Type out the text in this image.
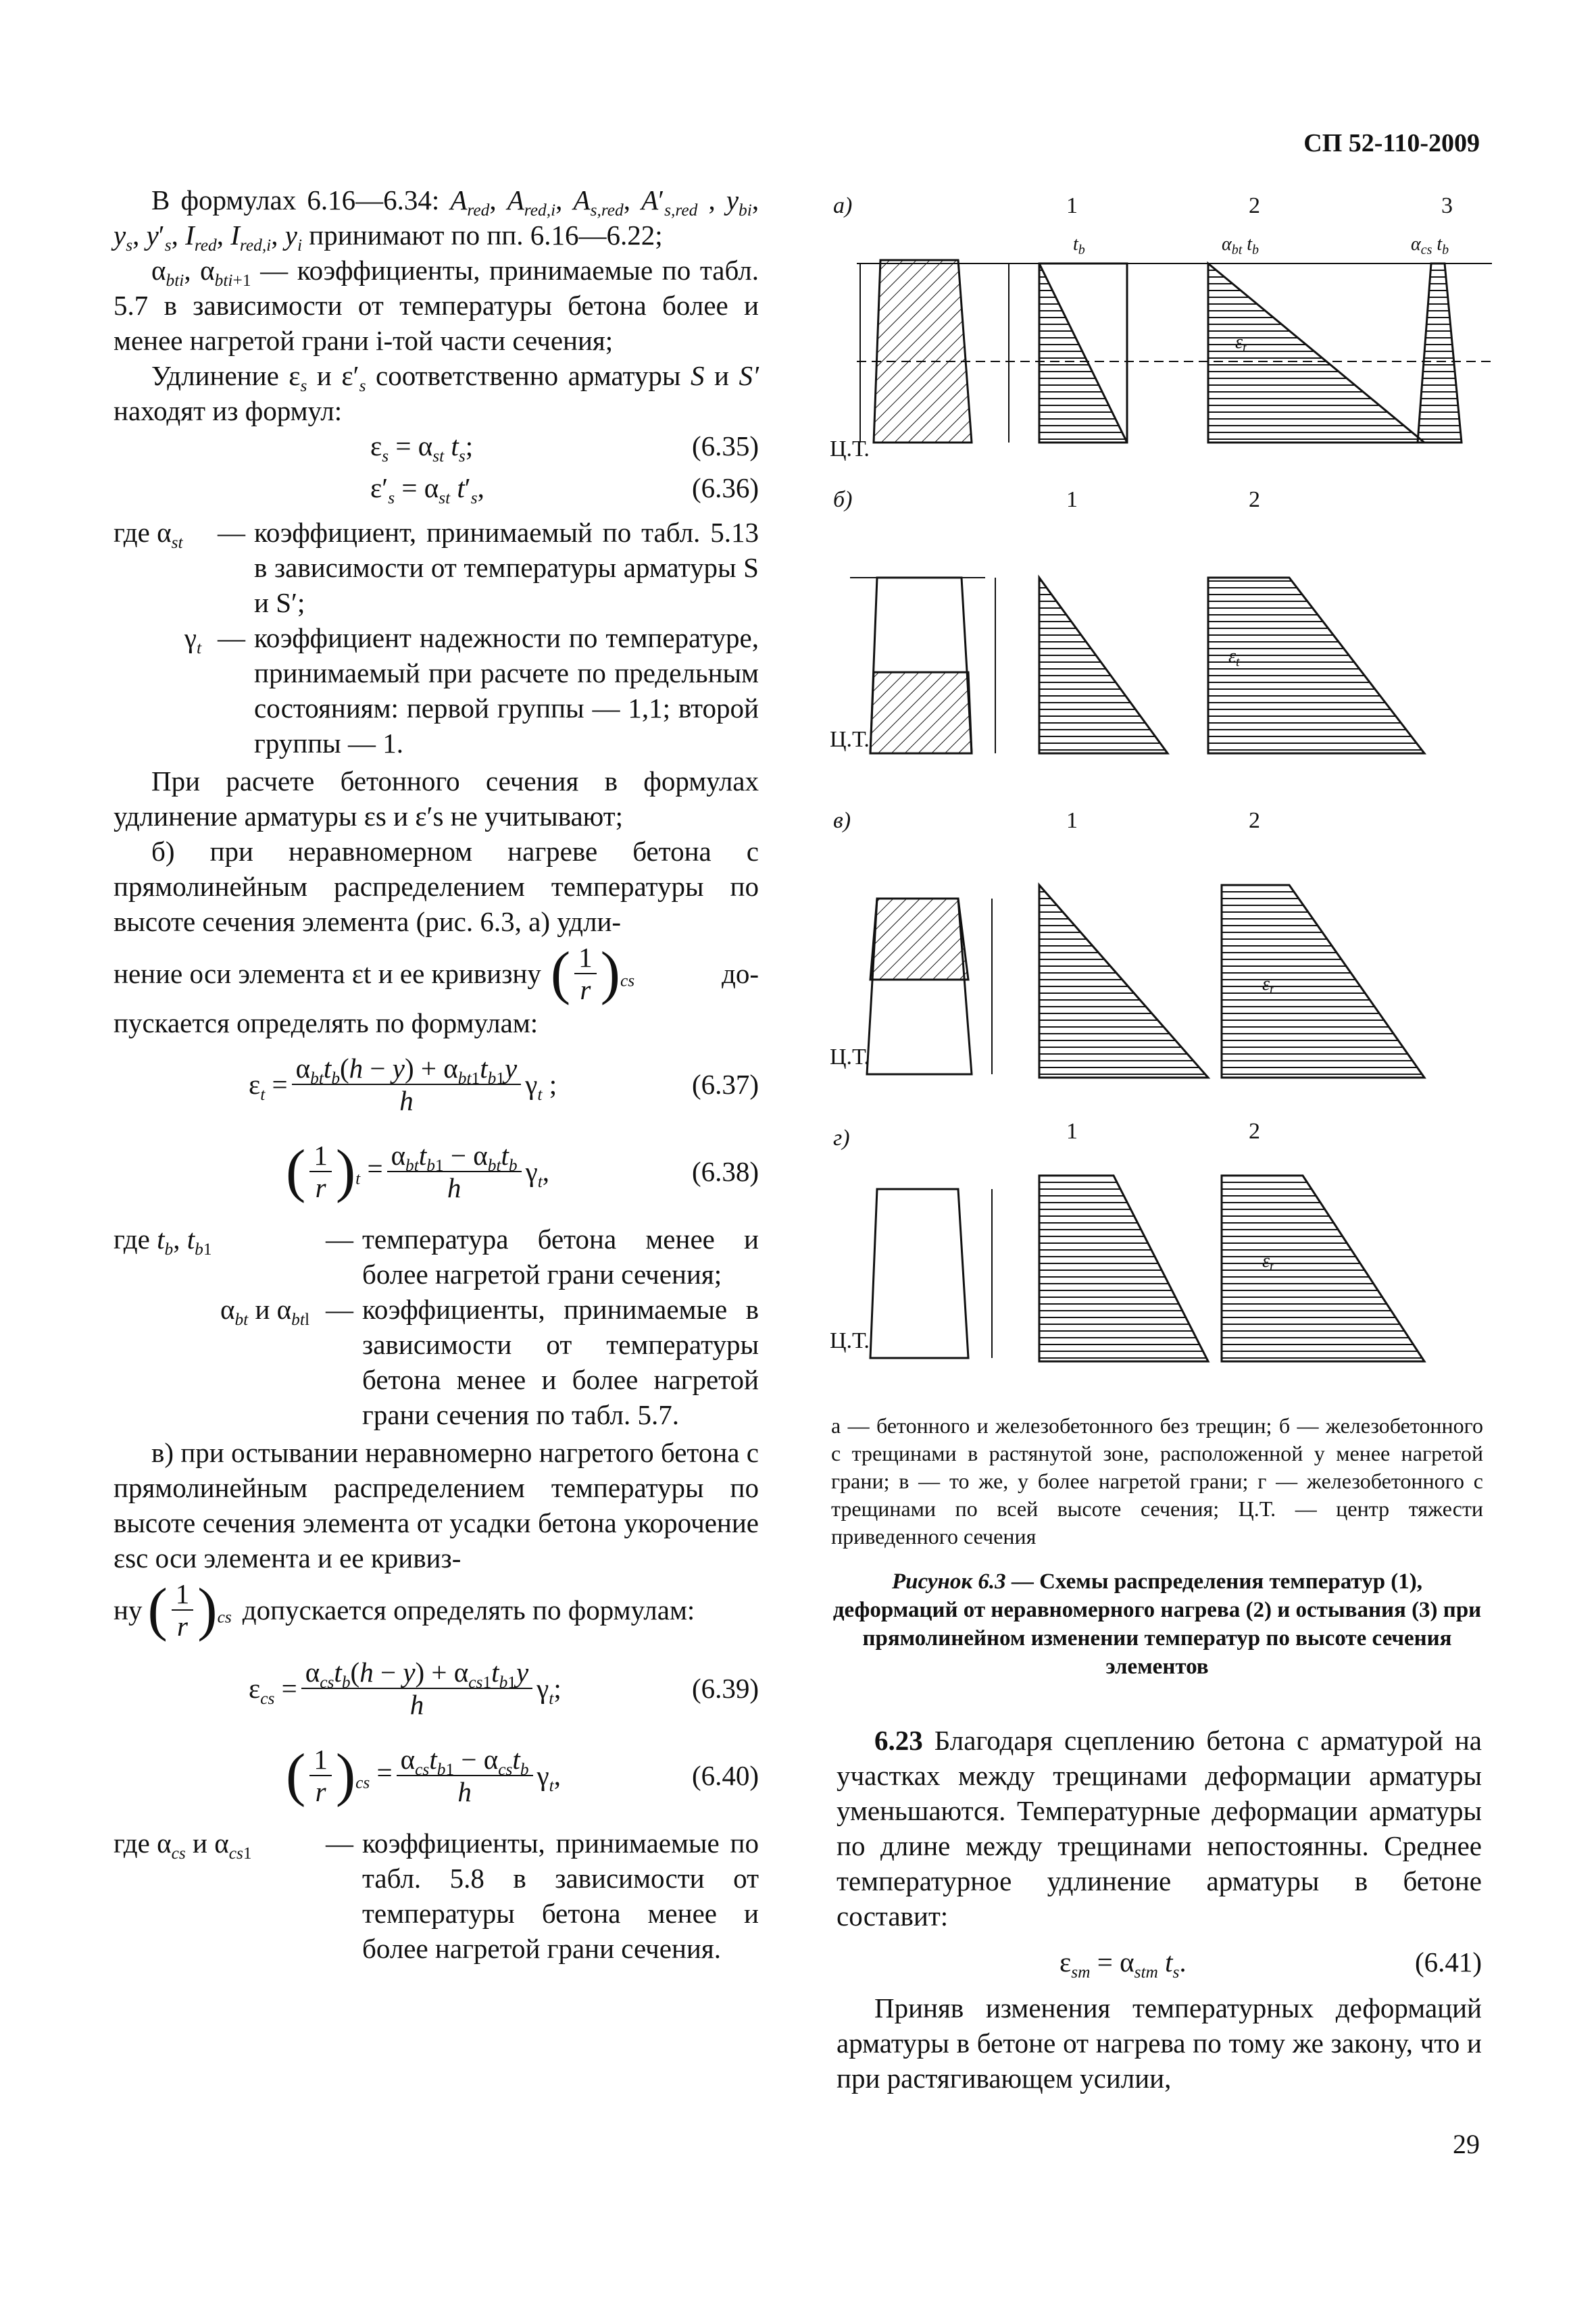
СП 52-110-2009

В формулах 6.16—6.34: $A_{red}$, $A_{red,i}$, $A_{s,red}$, $A'_{s,red}$ , $y_{bi}$, $y_s$, $y'_s$, $I_{red}$, $I_{red,i}$, $y_i$ принимают по пп. 6.16—6.22;

$\alpha_{bti}$, $\alpha_{bti+1}$ — коэффициенты, принимаемые по табл. 5.7 в зависимости от температуры бетона более и менее нагретой грани i-той части сечения;

Удлинение $\varepsilon_s$ и $\varepsilon'_s$ соответственно арматуры S и S′ находят из формул:

$\varepsilon_s = \alpha_{st}$ $t_s$;	(6.35)
$\varepsilon'_s = \alpha_{st}$ $t'_s$,	(6.36)
где $\alpha_{st}$	— коэффициент, принимаемый по табл. 5.13 в зависимости от температуры арматуры S и S′;
$\gamma_t$ — коэффициент надежности по температуре, принимаемый при расчете по предельным состояниям: первой группы — 1,1; второй группы — 1.

При расчете бетонного сечения в формулах удлинение арматуры εs и ε′s не учитывают;

б) при неравномерном нагреве бетона с прямолинейным распределением температуры по высоте сечения элемента (рис. 6.3, а) удли-

нение оси элемента εt и ее кривизну ( $\frac{1}{r} )_{cs}$	до-

пускается определять по формулам:

$\varepsilon_t = \frac{\alpha_{bt}t_b(h - y) + \alpha_{bt1}t_{b1}y}{h} \gamma_t$ ;	(6.37)
( $\frac{1}{r} )_t = \frac{\alpha_{bt}t_{b1} - \alpha_{bt}t_b}{h} \gamma_t$,	(6.38)
где $t_b$, $t_{b1}$	— температура бетона менее и более нагретой грани сечения;
$\alpha_{bt}$ и $\alpha_{btl}$ — коэффициенты, принимаемые в зависимости от температуры бетона менее и более нагретой грани сечения по табл. 5.7.

в) при остывании неравномерно нагретого бетона с прямолинейным распределением температуры по высоте сечения элемента от усадки бетона укорочение εsc оси элемента и ее кривиз-

ну ( $\frac{1}{r} )_{cs}$ допускается определять по формулам:
$\varepsilon_{cs} = \frac{\alpha_{cs}t_b(h - y) + \alpha_{cs1}t_{b1}y}{h} \gamma_t$;	(6.39)
( $\frac{1}{r} )_{cs} = \frac{\alpha_{cs}t_{b1} - \alpha_{cs}t_b}{h} \gamma_t$,	(6.40)
где $\alpha_{cs}$ и $\alpha_{cs1}$	— коэффициенты, принимаемые по табл. 5.8 в зависимости от температуры бетона менее и более нагретой грани сечения.
а)
б)
в)
г)
Ц.Т.
Ц.Т.
Ц.Т.
Ц.Т.
1	2	3
1	2
1	2
1	2
$t_b$	$\alpha_{bt}$ $t_b$	$\alpha_{cs}$ $t_b$
$\varepsilon_t$
$\varepsilon_t$
$\varepsilon_t$
$\varepsilon_t$
а — бетонного и железобетонного без трещин; б — железобетонного с трещинами в растянутой зоне, расположенной у менее нагретой грани; в — то же, у более нагретой грани; г — железобетонного с трещинами по всей высоте сечения; Ц.Т. — центр тяжести приведенного сечения
Рисунок 6.3 — Схемы распределения температур (1), деформаций от неравномерного нагрева (2) и остывания (3) при прямолинейном изменении температур по высоте сечения элементов

6.23 Благодаря сцеплению бетона с арматурой на участках между трещинами деформации арматуры уменьшаются. Температурные деформации арматуры по длине между трещинами непостоянны. Среднее температурное удлинение арматуры в бетоне составит:

$\varepsilon_{sm} = \alpha_{stm}$ $t_s$.	(6.41)

Приняв изменения температурных деформаций арматуры в бетоне от нагрева по тому же закону, что и при растягивающем усилии,

29
